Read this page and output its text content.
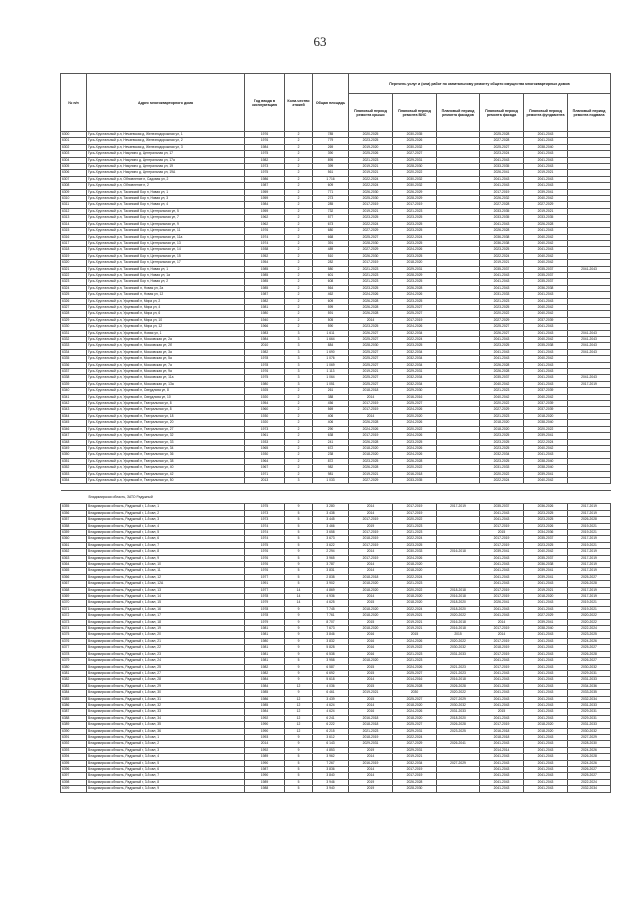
63
№ п/п	Адрес многоквартирного дома	Год ввода в эксплуатацию	Коли-чество этажей	Общая площадь	Перечень услуг и (или) работ по капитальному ремонту общего имущества многоквартирных домов					
					Плановый период ремонта крыши	Плановый период ремонта ВИС	Плановый период ремонта фасадов	Плановый период ремонта фасада	Плановый период ремонта фундамента	Плановый период ремонта подвала
6300	Гусь-Хрустальный р-н, Нечаевская д, Железнодорожная ул, 1	1976	2	785	2020-2025	2030-2035		2025-2028	2041-2043	
6301	Гусь-Хрустальный р-н, Нечаевская д, Железнодорожная ул, 2	1976	2	779	2023-2025	2025-2026		2027-2028	2041-2043	
6302	Гусь-Хрустальный р-н, Нечаевская д, Железнодорожная ул, 3	1984	2	269	2019-2020	2030-2032		2025-2027	2038-2040	
6303	Гусь-Хрустальный р-н, Никулино д, Центральная ул, 17	1975	2	390	2025-2026	2027-2027		2023-2024	2041-2043	
6304	Гусь-Хрустальный р-н, Никулино д, Центральная ул, 17а	1982	2	895	2021-2023	2029-2031		2041-2043	2041-2043	
6305	Гусь-Хрустальный р-н, Никулино д, Центральная ул, 19	1973	2	399	2019-2021	2028-2030		2033-2035	2041-2043	
6306	Гусь-Хрустальный р-н, Никулино д, Центральная ул, 19А	1975	2	561	2019-2021	2020-2022		2026-2041	2019-2021	
6307	Гусь-Хрустальный р-н, Обновление п, Садовая ул, 2	1986	2	1 716	2022-2024	2030-2032		2041-2043	2041-2043	
6308	Гусь-Хрустальный р-н, Обновление п, 2	1987	2	609	2022-2024	2030-2032		2041-2043	2041-2043	
6309	Гусь-Хрустальный р-н, Тасинский Бор п, Новая ул, 1	1959	2	771	2026-2030	2026-2029		2017-2019	2039-2041	
6310	Гусь-Хрустальный р-н, Тасинский Бор п, Новая ул, 3	1959	2	273	2025-2030	2028-2029		2026-2032	2040-2042	
6311	Гусь-Хрустальный р-н, Тасинский Бор п, Новая ул, 4	1984	2	285	2017-2019	2017-2019		2027-2028	2027-2029	
6312	Гусь-Хрустальный р-н, Тасинский Бор п, Центральная ул, 5	1959	2	732	2019-2021	2021-2023		2033-2035	2019-2021	
6313	Гусь-Хрустальный р-н, Тасинский Бор п, Центральная ул, 7	1962	2	577	2023-2025	2023-2025		2033-2035	2033-2035	
6314	Гусь-Хрустальный р-н, Тасинский Бор п, Центральная ул, 9	1962	2	673	2022-2024	2023-2025		2041-2043	2026-2028	
6315	Гусь-Хрустальный р-н, Тасинский Бор п, Центральная ул, 11	1976	2	680	2027-2029	2023-2025		2026-2028	2041-2043	
6316	Гусь-Хрустальный р-н, Тасинский Бор п, Центральная ул, 11а	1974	2	668	2025-2027	2022-2024		2036-2038	2040-2042	
6317	Гусь-Хрустальный р-н, Тасинский Бор п, Центральная ул, 13	1974	2	391	2028-2030	2023-2025		2036-2038	2040-2042	
6318	Гусь-Хрустальный р-н, Тасинский Бор п, Центральная ул, 14	1938	2	489	2027-2029	2024-2026		2023-2025	2041-2043	
6319	Гусь-Хрустальный р-н, Тасинский Бор п, Центральная ул, 15	1952	2	510	2026-2030	2023-2025		2022-2024	2040-2042	
6320	Гусь-Хрустальный р-н, Тасинский Бор п, Центральная ул, 17	1954	2	282	2017-2019	2018-2020		2019-2021	2040-2042	
6321	Гусь-Хрустальный р-н, Тасинский Бор п, Новая ул, 1	1985	2	580	2021-2023	2029-2031		2035-2037	2035-2037	2041-2043
6322	Гусь-Хрустальный р-н, Тасинский Бор п, Новая ул, 1а	1985	2	601	2021-2023	2028-2029		2041-2043	2035-2037	
6323	Гусь-Хрустальный р-н, Тасинский Бор п, Новая ул, 2	1985	2	608	2021-2023	2023-2025		2041-2043	2035-2037	
6324	Гусь-Хрустальный р-н, Тасинский п, Новая ул, 2а	1985	2	564	2023-2025	2026-2028		2041-2043	2036-2038	
6325	Гусь-Хрустальный р-н, Тасинский п, Новая ул, 12	1987	2	462	2024-2026	2024-2026		2031-2033	2041-2043	
6326	Гусь-Хрустальный р-н, Урцевский п, Мира ул, 2	1982	2	609	2026-2028	2023-2025		2021-2023	2041-2043	
6327	Гусь-Хрустальный р-н, Урцевский п, Мира ул, 4	1981	2	599	2026-2028	2025-2027		2023-2025	2040-2042	
6328	Гусь-Хрустальный р-н, Урцевский п, Мира ул, 6	1980	2	591	2026-2028	2025-2027		2020-2022	2040-2042	
6329	Гусь-Хрустальный р-н, Урцевский п, Мира ул, 10	1940	2	505	2014	2017-2019		2027-2029	2037-2039	
6330	Гусь-Хрустальный р-н, Урцевский п, Мира ул, 12	1966	2	590	2023-2025	2024-2026		2025-2027	2041-2043	
6331	Гусь-Хрустальный р-н, Урцевский п, Новая ул, 1	1983	3	1 611	2026-2027	2032-2034		2026-2027	2041-2043	2041-2043
6332	Гусь-Хрустальный р-н, Урцевский п, Московская ул, 2а	1984	3	1 664	2025-2027	2022-2024		2041-2043	2040-2042	2041-2043
6333	Гусь-Хрустальный р-н, Урцевский п, Московская ул, 2б	2010	3	884	2028-2030	2023-2025		2023-2025	2035-2038	2041-2043
6334	Гусь-Хрустальный р-н, Урцевский п, Московская ул, 3а	1982	3	1 690	2025-2027	2032-2034		2041-2043	2041-2043	2041-2043
6335	Гусь-Хрустальный р-н, Урцевский п, Московская ул, 5а	1978	3	1 076	2025-2027	2032-2034		2041-2043	2040-2042	
6336	Гусь-Хрустальный р-н, Урцевский п, Московская ул, 7а	1978	3	1 069	2025-2027	2032-2034		2026-2028	2041-2043	
6337	Гусь-Хрустальный р-н, Урцевский п, Московская ул, 9а	1976	3	1 113	2019-2021	2029-2031		2026-2028	2041-2043	
6338	Гусь-Хрустальный р-н, Урцевский п, Московская ул, 11а	1975	3	1 064	2025-2027	2032-2034		2035-2037	2041-2043	2041-2043
6339	Гусь-Хрустальный р-н, Урцевский п, Московская ул, 13а	1980	3	1 051	2025-2027	2032-2034		2040-2042	2041-2043	2017-2019
6340	Гусь-Хрустальный р-н, Урцевский п, Свердлова ул, 8	1925	2	261	2018-2018	2029-2030		2021-2023	2037-2039	
6341	Гусь-Хрустальный р-н, Урцевский п, Свердлова ул, 10	1920	2	388	2014	2016-2016		2040-2042	2040-2042	
6342	Гусь-Хрустальный р-н, Урцевский п, Театральная ул, 8	1954	2	456	2017-2019	2025-2027		2020-2022	2037-2039	
6343	Гусь-Хрустальный р-н, Урцевский п, Театральная ул, 8	1960	2	569	2017-2019	2024-2026		2027-2029	2037-2039	
6344	Гусь-Хрустальный р-н, Урцевский п, Театральная ул, 18	1930	2	406	2014	2020-2020		2021-2023	2018-2020	
6345	Гусь-Хрустальный р-н, Урцевский п, Театральная ул, 20	1920	2	406	2026-2028	2024-2026		2018-2020	2038-2040	
6346	Гусь-Хрустальный р-н, Урцевский п, Театральная ул, 27	1973	2	290	2024-2026	2020-2022		2018-2020	2020-2022	
6347	Гусь-Хрустальный р-н, Урцевский п, Театральная ул, 32	1961	2	638	2017-2019	2024-2026		2023-2025	2039-2041	
6348	Гусь-Хрустальный р-н, Урцевский п, Театральная ул, 33	1933	2	241	2026-2028	2023-2025		2023-2025	2022-2024	
6349	Гусь-Хрустальный р-н, Урцевский п, Театральная ул, 34	1965	2	672	2018-2020	2024-2026		2023-2025	2040-2042	
6350	Гусь-Хрустальный р-н, Урцевский п, Театральная ул, 36	1930	2	238	2018-2020	2024-2026		2032-2034	2041-2043	
6351	Гусь-Хрустальный р-н, Урцевский п, Театральная ул, 38	1964	2	872	2023-2025	2026-2028		2023-2025	2038-2040	
6352	Гусь-Хрустальный р-н, Урцевский п, Театральная ул, 40	1967	2	982	2026-2028	2020-2022		2031-2033	2038-2040	
6353	Гусь-Хрустальный р-н, Урцевский п, Театральная ул, 42	1971	2	981	2019-2021	2016-2018		2020-2022	2039-2041	
6354	Гусь-Хрустальный р-н, Урцевский п, Театральная ул, 50	2013	3	1 033	2027-2029	2033-2035		2022-2024	2040-2042	

Владимирская область, ЗАТО Радужный										
6355	Владимирская область, Радужный г, 1-й квл, 1	1975	9	3 280	2014	2017-2019	2017-2019	2035-2037	2036-2026	2017-2019
6356	Владимирская область, Радужный г, 1-й квл, 2	1973	5	3 438	2014	2017-2019		2041-2043	2023-2025	2017-2019
6357	Владимирская область, Радужный г, 1-й квл, 3	1973	5	3 445	2017-2019	2020-2022		2041-2043	2023-2025	2026-2028
6358	Владимирская область, Радужный г, 1-й квл, 4	1974	5	3 466	2019	2021-2023		2017-2019	2023-2026	2019-2021
6359	Владимирская область, Радужный г, 1-й квл, 5	1974	5	3 658	2017-2019	2021-2023		2015	2034-2036	2019-2021
6360	Владимирская область, Радужный г, 1-й квл, 6	1974	5	3 673	2018-2019	2022-2024		2017-2019	2035-2037	2017-2019
6361	Владимирская область, Радужный г, 1-й квл, 7	1975	5	3 622	2017-2019	2023-2025		2017-2019	2023-2025	2019-2021
6362	Владимирская область, Радужный г, 1-й квл, 8	1976	9	2 294	2014	2030-2033	2016-2018	2039-2041	2040-2042	2017-2019
6363	Владимирская область, Радужный г, 1-й квл, 9	1976	5	3 965	2017-2019	2024-2026		2041-2043	2035-2037	2017-2019
6364	Владимирская область, Радужный г, 1-й квл, 10	1976	9	3 787	2014	2018-2020		2041-2043	2036-2038	2017-2019
6365	Владимирская область, Радужный г, 1-й квл, 11	1976	5	3 831	2014	2018-2020		2041-2043	2039-2041	2017-2019
6366	Владимирская область, Радужный г, 1-й квл, 12	1977	5	2 838	2018-2018	2022-2024		2041-2043	2039-2041	2025-2027
6367	Владимирская область, Радужный г, 1-й квл, 12А	1991	5	3 902	2018-2020	2021-2023		2041-2043	2041-2043	2026-2028
6368	Владимирская область, Радужный г, 1-й квл, 13	1977	14	4 869	2018-2020	2020-2022	2018-2018	2017-2019	2019-2021	2017-2019
6369	Владимирская область, Радужный г, 1-й квл, 14	1978	14	4 936	2014	2018-2020	2016-2018	2017-2019	2018-2020	2017-2019
6370	Владимирская область, Радужный г, 1-й квл, 15	1979	14	4 625	2015	2018-2020	2018-2020	2026-2041	2041-2043	2019-2021
6371	Владимирская область, Радужный г, 1-й квл, 16	1978	9	7 745	2018-2020	2022-2024	2018-2020	2041-2043	2041-2043	2019-2021
6372	Владимирская область, Радужный г, 1-й квл, 17	1978	9	7 761	2018-2020	2019-2021	2020-2022	2041-2043	2027-2029	2020-2022
6373	Владимирская область, Радужный г, 1-й квл, 18	1979	9	8 707	2015	2019-2021	2016-2018	2014	2039-2041	2020-2022
6374	Владимирская область, Радужный г, 1-й квл, 19	1981	9	7 673	2018-2020	2019-2021	2016-2018	2017-2019	2038-2040	2022-2024
6375	Владимирская область, Радужный г, 1-й квл, 20	1981	9	3 846	2016	2015	2015	2014	2041-2043	2023-2025
6376	Владимирская область, Радужный г, 1-й квл, 21	1980	9	3 832	2016	2024-2026	2020-2022	2017-2019	2041-2043	2024-2026
6377	Владимирская область, Радужный г, 1-й квл, 22	1981	9	5 828	2016	2019-2022	2030-2032	2018-2019	2041-2043	2025-2027
6378	Владимирская область, Радужный г, 1-й квл, 23	1981	9	6 538	2016	2021-2023	2031-2033	2017-2019	2041-2043	2026-2028
6379	Владимирская область, Радужный г, 1-й квл, 24	1981	5	3 958	2018-2020	2021-2023		2041-2043	2041-2043	2026-2027
6380	Владимирская область, Радужный г, 1-й квл, 25	1982	9	6 587	2015	2024-2026	2021-2023	2017-2019	2041-2043	2030-2032
6381	Владимирская область, Радужный г, 1-й квл, 27	1982	9	6 692	2015	2025-2027	2021-2023	2041-2043	2041-2043	2029-2031
6382	Владимирская область, Радужный г, 1-й квл, 28	1984	9	5 618	2014	2014-2016	2016-2018	2041-2043	2041-2043	2031-2033
6383	Владимирская область, Радужный г, 1-й квл, 29	1984	12	4 036	2015	2026-2028	2026-2028	2041-2043	2041-2043	2034-2036
6384	Владимирская область, Радужный г, 1-й квл, 30	1985	9	6 461	2019-2021	2030	2020-2022	2041-2043	2041-2043	2033-2035
6385	Владимирская область, Радужный г, 1-й квл, 31	1986	12	3 439	2015	2025-2027	2027-2029	2041-2043	2041-2043	2032-2034
6386	Владимирская область, Радужный г, 1-й квл, 32	1985	12	4 624	2014	2018-2020	2030-2032	2041-2043	2041-2043	2031-2033
6387	Владимирская область, Радужный г, 1-й квл, 33	1984	12	4 624	2016	2024-2026	2031-2033	2015	2041-2043	2029-2031
6388	Владимирская область, Радужный г, 1-й квл, 34	1992	12	6 241	2016-2018	2018-2020	2018-2020	2041-2043	2041-2043	2029-2031
6389	Владимирская область, Радужный г, 1-й квл, 35	1990	12	6 222	2018-2018	2025-2027	2026-2028	2017-2019	2018-2020	2031-2033
6390	Владимирская область, Радужный г, 1-й квл, 36	1990	12	6 215	2021-2023	2029-2031	2023-2025	2016-2018	2018-2020	2030-2032
6391	Владимирская область, Радужный г, 3-й квл, 1	1993	9	3 612	2018-2019	2022-2024		2018-2018	2041-2043	2027-2029
6392	Владимирская область, Радужный г, 3-й квл, 2	2014	9	6 143	2029-2031	2027-2029	2026-2041	2041-2043	2041-2043	2028-2030
6393	Владимирская область, Радужный г, 3-й квл, 3	1992	9	4 853	2019	2029-2031		2014-2014	2041-2043	2024-2026
6394	Владимирская область, Радужный г, 3-й квл, 4	1989	5	3 962	2014	2019-2021		2041-2043	2041-2043	2026-2028
6395	Владимирская область, Радужный г, 3-й квл, 5	1990	5	7 267	2016-2019	2032-2034	2027-2029	2041-2043	2041-2043	2024-2026
6396	Владимирская область, Радужный г, 3-й квл, 6	1987	5	3 836	2014	2017-2019		2041-2043	2041-2043	2026-2027
6397	Владимирская область, Радужный г, 3-й квл, 7	1990	5	3 840	2014	2017-2019		2041-2043	2041-2043	2025-2027
6398	Владимирская область, Радужный г, 3-й квл, 8	1989	5	3 946	2019	2026-2028		2041-2043	2041-2043	2022-2024
6399	Владимирская область, Радужный г, 3-й квл, 9	1988	5	3 940	2019	2028-2030		2041-2043	2041-2043	2032-2034
